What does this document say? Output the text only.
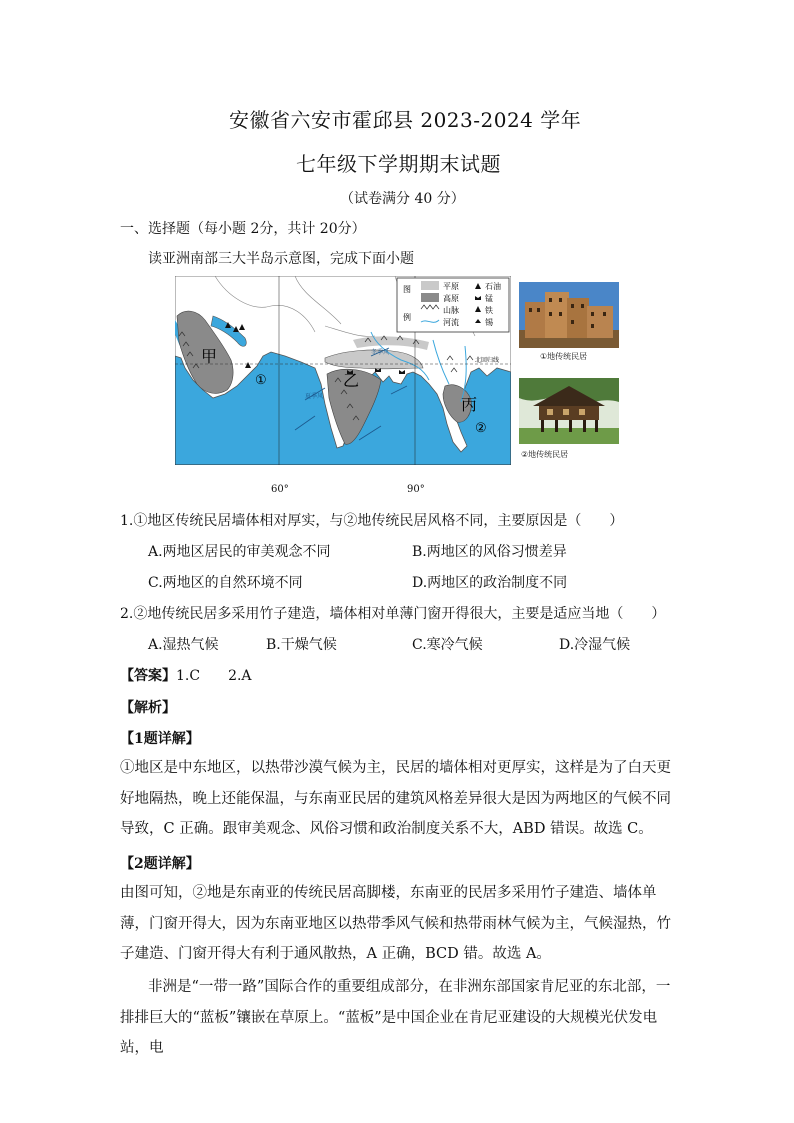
安徽省六安市霍邱县 2023-2024 学年
七年级下学期期末试题
（试卷满分 40 分）
一、选择题（每小题 2分，共计 20分）
读亚洲南部三大半岛示意图，完成下面小题
图
例
平原
高原
山脉
河流
石油
锰
铁
锡
甲
乙
丙
①
②
北回归线
夏季风
冬季风
60°	90°
①地传统民居
②地传统民居
1.①地区传统民居墙体相对厚实，与②地传统民居风格不同，主要原因是（　　）
A.两地区居民的审美观念不同	B.两地区的风俗习惯差异
C.两地区的自然环境不同	D.两地区的政治制度不同
2.②地传统民居多采用竹子建造，墙体相对单薄门窗开得很大，主要是适应当地（　　）
A.湿热气候	B.干燥气候	C.寒冷气候	D.冷湿气候
【答案】1.C　　2.A
【解析】
【1题详解】
①地区是中东地区，以热带沙漠气候为主，民居的墙体相对更厚实，这样是为了白天更好地隔热，晚上还能保温，与东南亚民居的建筑风格差异很大是因为两地区的气候不同导致，C 正确。跟审美观念、风俗习惯和政治制度关系不大，ABD 错误。故选 C。
【2题详解】
由图可知，②地是东南亚的传统民居高脚楼，东南亚的民居多采用竹子建造、墙体单薄，门窗开得大，因为东南亚地区以热带季风气候和热带雨林气候为主，气候湿热，竹子建造、门窗开得大有利于通风散热，A 正确，BCD 错。故选 A。
非洲是“一带一路”国际合作的重要组成部分，在非洲东部国家肯尼亚的东北部，一排排巨大的“蓝板”镶嵌在草原上。“蓝板”是中国企业在肯尼亚建设的大规模光伏发电站，电
